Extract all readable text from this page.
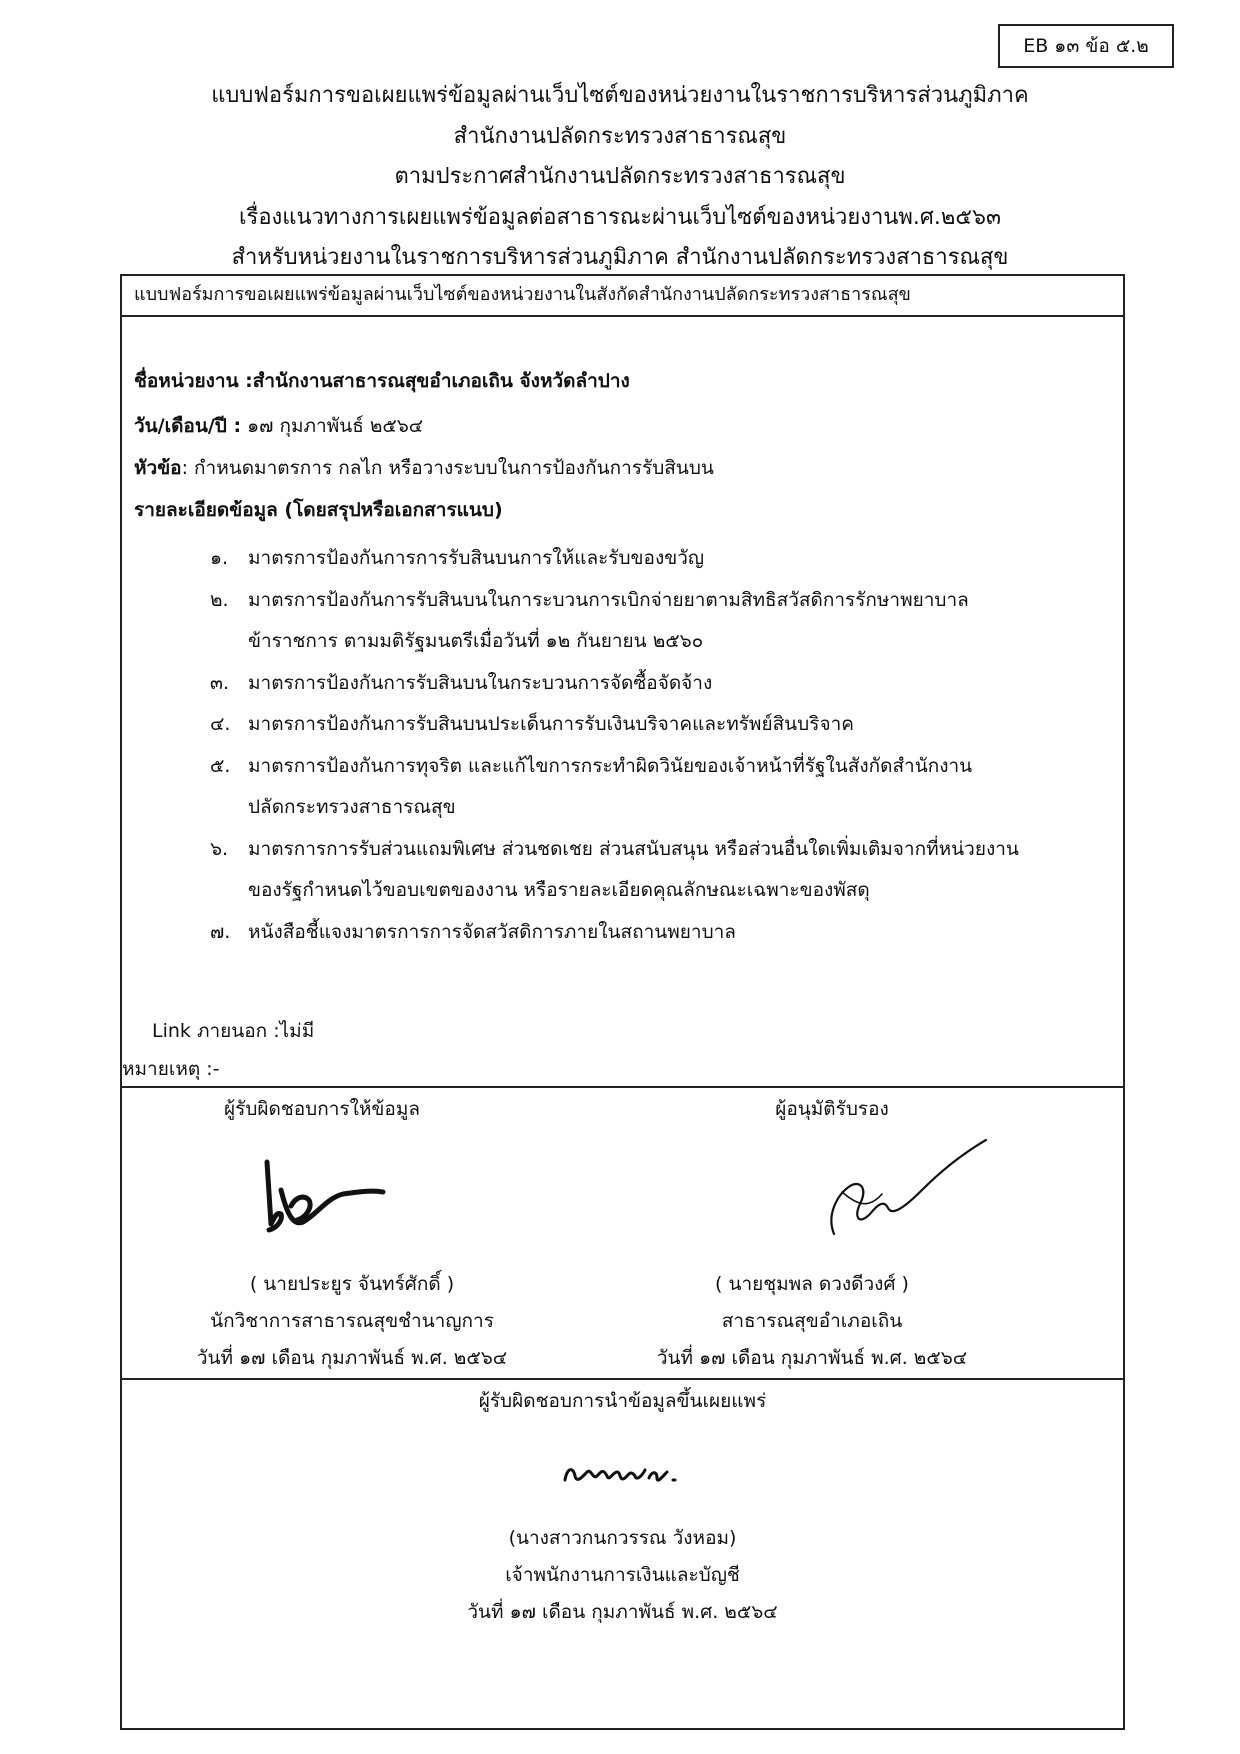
EB ๑๓ ข้อ ๕.๒
แบบฟอร์มการขอเผยแพร่ข้อมูลผ่านเว็บไซต์ของหน่วยงานในราชการบริหารส่วนภูมิภาค
สำนักงานปลัดกระทรวงสาธารณสุข
ตามประกาศสำนักงานปลัดกระทรวงสาธารณสุข
เรื่องแนวทางการเผยแพร่ข้อมูลต่อสาธารณะผ่านเว็บไซต์ของหน่วยงานพ.ศ.๒๕๖๓
สำหรับหน่วยงานในราชการบริหารส่วนภูมิภาค สำนักงานปลัดกระทรวงสาธารณสุข
แบบฟอร์มการขอเผยแพร่ข้อมูลผ่านเว็บไซต์ของหน่วยงานในสังกัดสำนักงานปลัดกระทรวงสาธารณสุข
ชื่อหน่วยงาน :สำนักงานสาธารณสุขอำเภอเถิน จังหวัดลำปาง
วัน/เดือน/ปี : ๑๗ กุมภาพันธ์ ๒๕๖๔
หัวข้อ: กำหนดมาตรการ กลไก หรือวางระบบในการป้องกันการรับสินบน
รายละเอียดข้อมูล (โดยสรุปหรือเอกสารแนบ)
๑.	มาตรการป้องกันการการรับสินบนการให้และรับของขวัญ
๒.	มาตรการป้องกันการรับสินบนในการะบวนการเบิกจ่ายยาตามสิทธิสวัสดิการรักษาพยาบาล
ข้าราชการ ตามมติรัฐมนตรีเมื่อวันที่ ๑๒ กันยายน ๒๕๖๐
๓. มาตรการป้องกันการรับสินบนในกระบวนการจัดซื้อจัดจ้าง
๔. มาตรการป้องกันการรับสินบนประเด็นการรับเงินบริจาคและทรัพย์สินบริจาค
๕. มาตรการป้องกันการทุจริต และแก้ไขการกระทำผิดวินัยของเจ้าหน้าที่รัฐในสังกัดสำนักงาน
ปลัดกระทรวงสาธารณสุข
๖.	มาตรการการรับส่วนแถมพิเศษ ส่วนชดเชย ส่วนสนับสนุน หรือส่วนอื่นใดเพิ่มเติมจากที่หน่วยงาน
ของรัฐกำหนดไว้ขอบเขตของงาน หรือรายละเอียดคุณลักษณะเฉพาะของพัสดุ
๗. หนังสือชี้แจงมาตรการการจัดสวัสดิการภายในสถานพยาบาล
Link ภายนอก :ไม่มี
หมายเหตุ :-
ผู้รับผิดชอบการให้ข้อมูล
( นายประยูร จันทร์ศักดิ์ )
นักวิชาการสาธารณสุขชำนาญการ
วันที่ ๑๗ เดือน กุมภาพันธ์ พ.ศ. ๒๕๖๔
ผู้อนุมัติรับรอง
( นายชุมพล ดวงดีวงศ์ )
สาธารณสุขอำเภอเถิน
วันที่ ๑๗ เดือน กุมภาพันธ์ พ.ศ. ๒๕๖๔
ผู้รับผิดชอบการนำข้อมูลขึ้นเผยแพร่
(นางสาวกนกวรรณ วังหอม)
เจ้าพนักงานการเงินและบัญชี
วันที่ ๑๗ เดือน กุมภาพันธ์ พ.ศ. ๒๕๖๔
